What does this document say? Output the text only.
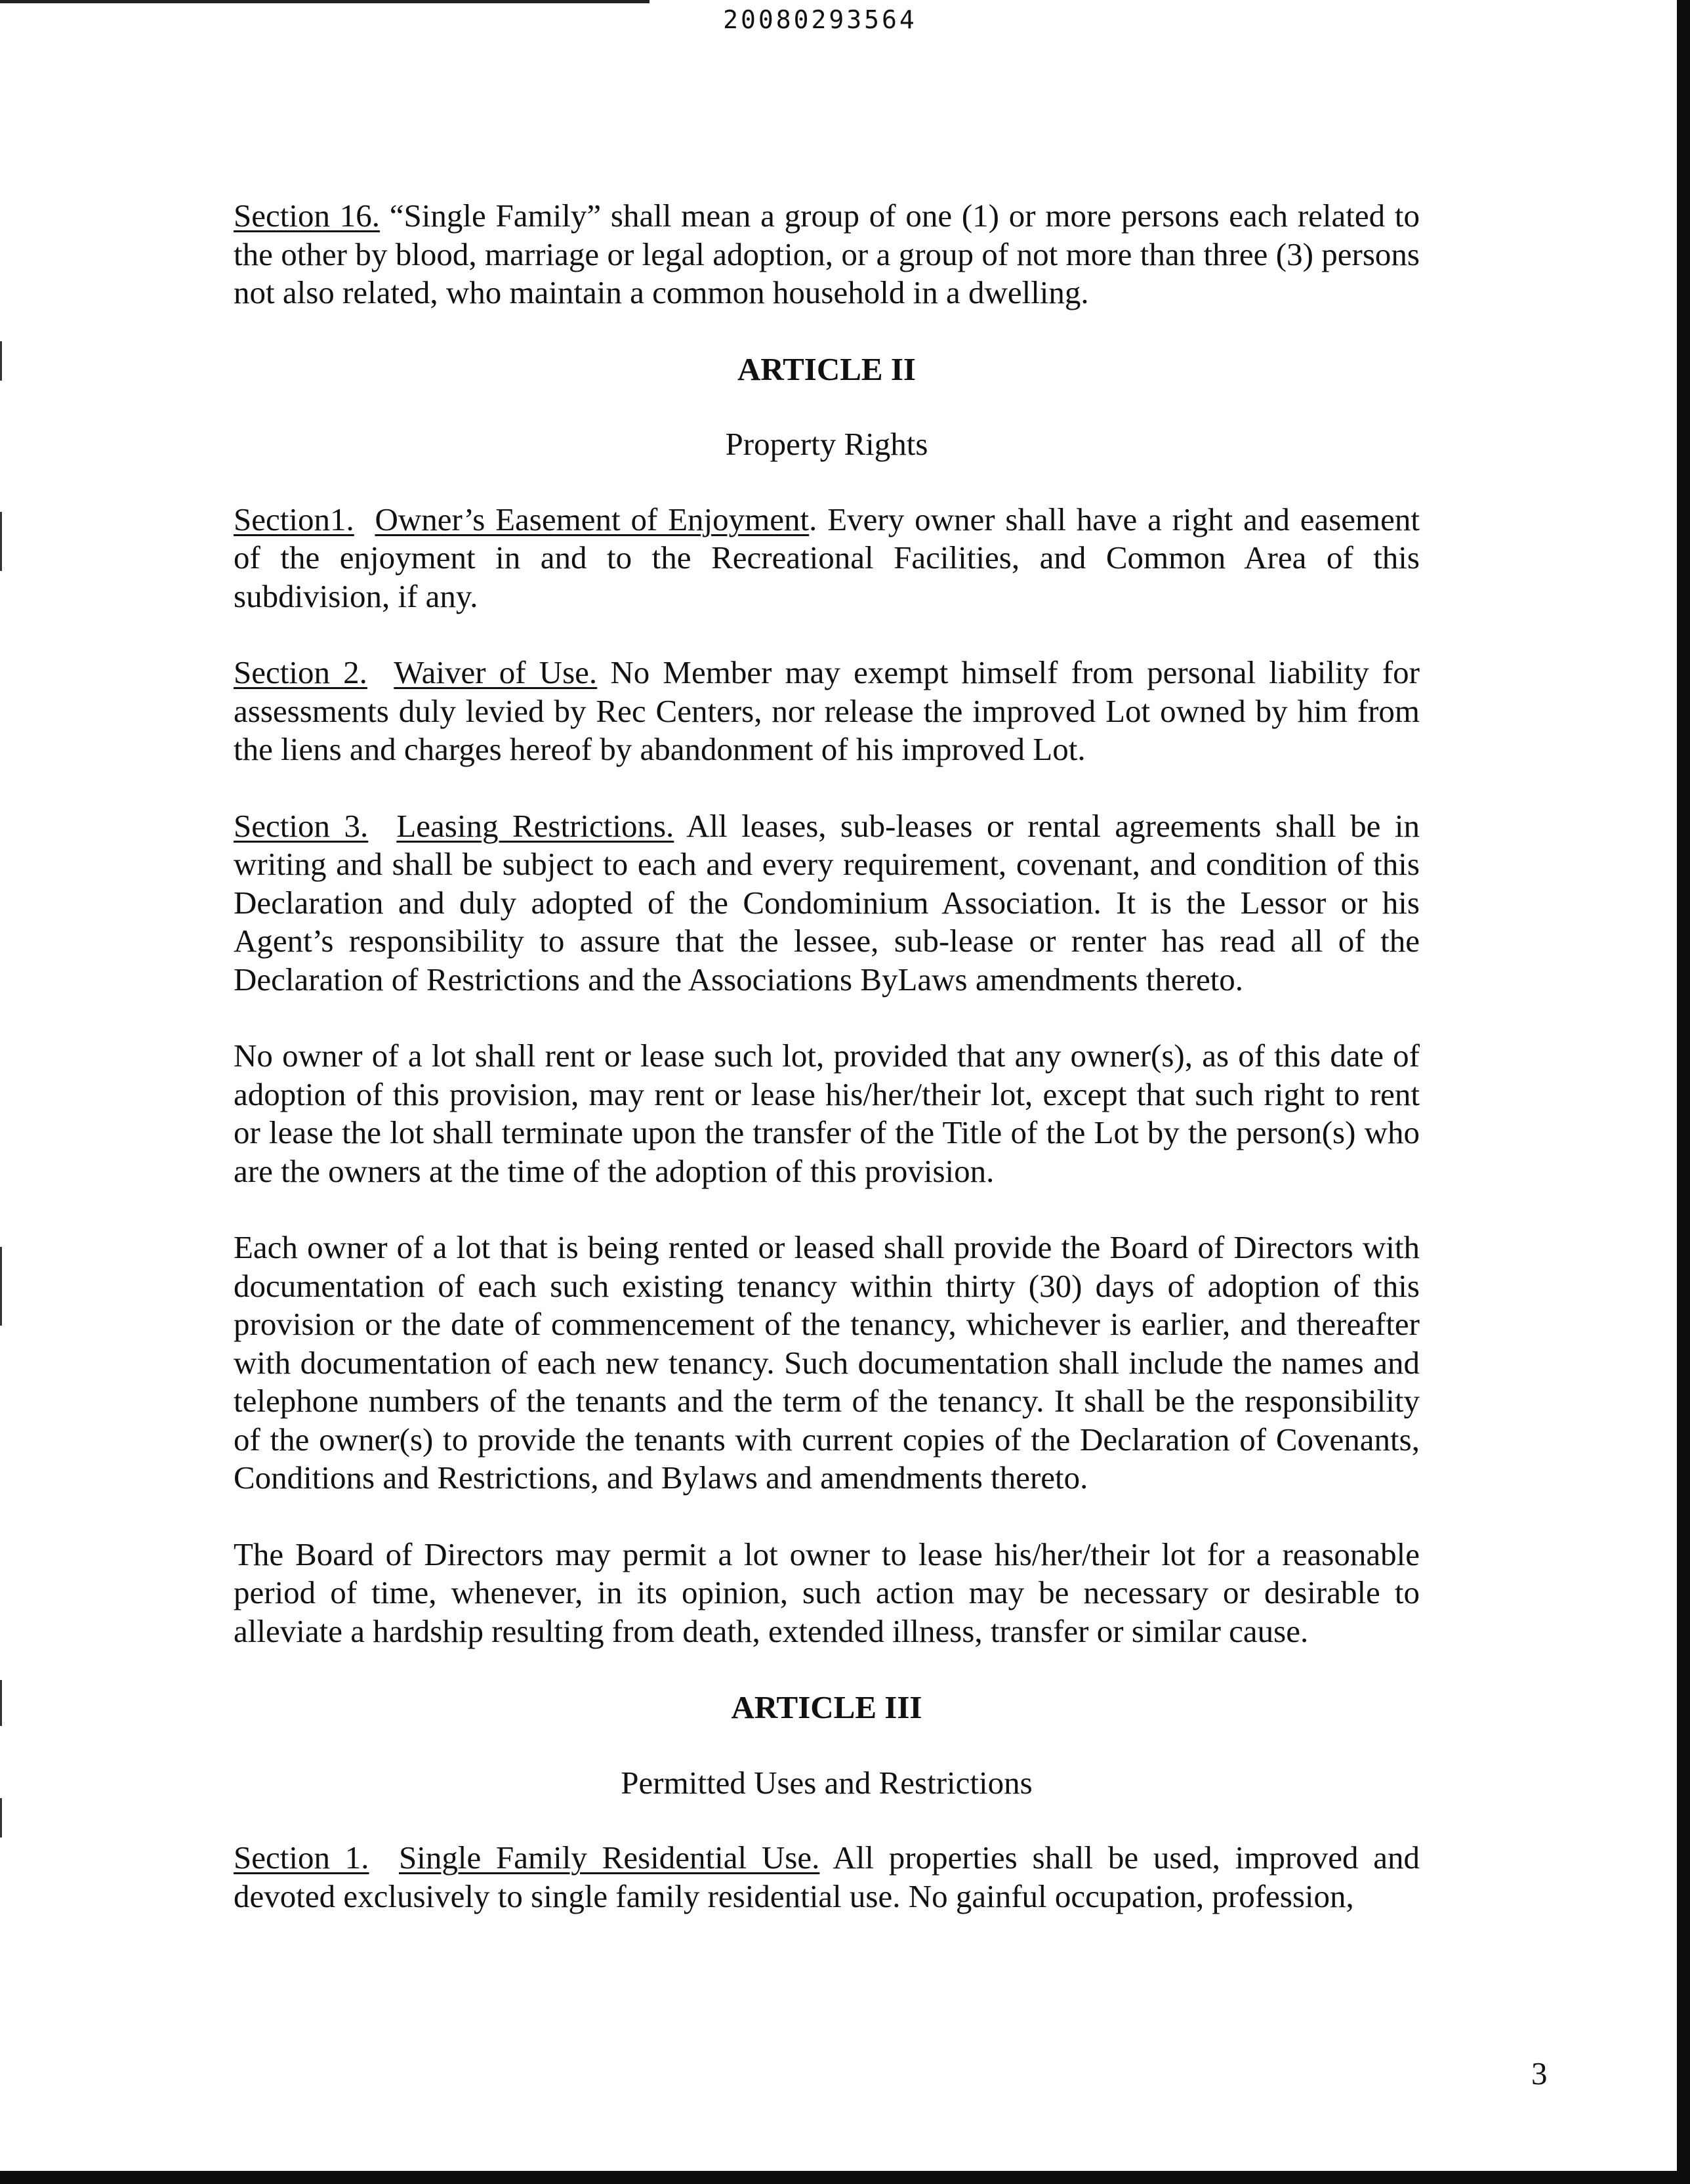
20080293564

Section 16. “Single Family” shall mean a group of one (1) or more persons each related to the other by blood, marriage or legal adoption, or a group of not more than three (3) persons not also related, who maintain a common household in a dwelling.

ARTICLE II
Property Rights

Section1. Owner’s Easement of Enjoyment. Every owner shall have a right and easement of the enjoyment in and to the Recreational Facilities, and Common Area of this subdivision, if any.

Section 2. Waiver of Use. No Member may exempt himself from personal liability for assessments duly levied by Rec Centers, nor release the improved Lot owned by him from the liens and charges hereof by abandonment of his improved Lot.

Section 3. Leasing Restrictions. All leases, sub-leases or rental agreements shall be in writing and shall be subject to each and every requirement, covenant, and condition of this Declaration and duly adopted of the Condominium Association. It is the Lessor or his Agent’s responsibility to assure that the lessee, sub-lease or renter has read all of the Declaration of Restrictions and the Associations ByLaws amendments thereto.

No owner of a lot shall rent or lease such lot, provided that any owner(s), as of this date of adoption of this provision, may rent or lease his/her/their lot, except that such right to rent or lease the lot shall terminate upon the transfer of the Title of the Lot by the person(s) who are the owners at the time of the adoption of this provision.

Each owner of a lot that is being rented or leased shall provide the Board of Directors with documentation of each such existing tenancy within thirty (30) days of adoption of this provision or the date of commencement of the tenancy, whichever is earlier, and thereafter with documentation of each new tenancy. Such documentation shall include the names and telephone numbers of the tenants and the term of the tenancy. It shall be the responsibility of the owner(s) to provide the tenants with current copies of the Declaration of Covenants, Conditions and Restrictions, and Bylaws and amendments thereto.

The Board of Directors may permit a lot owner to lease his/her/their lot for a reasonable period of time, whenever, in its opinion, such action may be necessary or desirable to alleviate a hardship resulting from death, extended illness, transfer or similar cause.

ARTICLE III
Permitted Uses and Restrictions

Section 1. Single Family Residential Use. All properties shall be used, improved and devoted exclusively to single family residential use. No gainful occupation, profession,

3
